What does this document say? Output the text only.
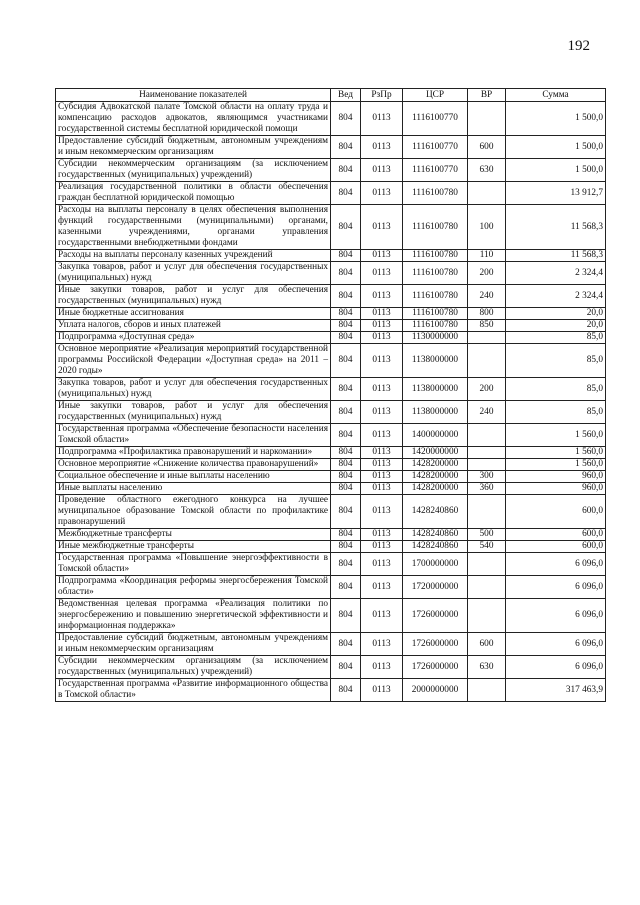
192
Наименование показателей	Вед	РзПр	ЦСР	ВР	Сумма
Субсидия Адвокатской палате Томской области на оплату труда и компенсацию расходов адвокатов, являющимся участниками государственной системы бесплатной юридической помощи	804	0113	1116100770		1 500,0
Предоставление субсидий бюджетным, автономным учреждениям и иным некоммерческим организациям	804	0113	1116100770	600	1 500,0
Субсидии некоммерческим организациям (за исключением государственных (муниципальных) учреждений)	804	0113	1116100770	630	1 500,0
Реализация государственной политики в области обеспечения граждан бесплатной юридической помощью	804	0113	1116100780		13 912,7
Расходы на выплаты персоналу в целях обеспечения выполнения функций государственными (муниципальными) органами, казенными учреждениями, органами управления государственными внебюджетными фондами	804	0113	1116100780	100	11 568,3
Расходы на выплаты персоналу казенных учреждений	804	0113	1116100780	110	11 568,3
Закупка товаров, работ и услуг для обеспечения государственных (муниципальных) нужд	804	0113	1116100780	200	2 324,4
Иные закупки товаров, работ и услуг для обеспечения государственных (муниципальных) нужд	804	0113	1116100780	240	2 324,4
Иные бюджетные ассигнования	804	0113	1116100780	800	20,0
Уплата налогов, сборов и иных платежей	804	0113	1116100780	850	20,0
Подпрограмма «Доступная среда»	804	0113	1130000000		85,0
Основное мероприятие «Реализация мероприятий государственной программы Российской Федерации «Доступная среда» на 2011 – 2020 годы»	804	0113	1138000000		85,0
Закупка товаров, работ и услуг для обеспечения государственных (муниципальных) нужд	804	0113	1138000000	200	85,0
Иные закупки товаров, работ и услуг для обеспечения государственных (муниципальных) нужд	804	0113	1138000000	240	85,0
Государственная программа «Обеспечение безопасности населения Томской области»	804	0113	1400000000		1 560,0
Подпрограмма «Профилактика правонарушений и наркомании»	804	0113	1420000000		1 560,0
Основное мероприятие «Снижение количества правонарушений»	804	0113	1428200000		1 560,0
Социальное обеспечение и иные выплаты населению	804	0113	1428200000	300	960,0
Иные выплаты населению	804	0113	1428200000	360	960,0
Проведение областного ежегодного конкурса на лучшее муниципальное образование Томской области по профилактике правонарушений	804	0113	1428240860		600,0
Межбюджетные трансферты	804	0113	1428240860	500	600,0
Иные межбюджетные трансферты	804	0113	1428240860	540	600,0
Государственная программа «Повышение энергоэффективности в Томской области»	804	0113	1700000000		6 096,0
Подпрограмма «Координация реформы энергосбережения Томской области»	804	0113	1720000000		6 096,0
Ведомственная целевая программа «Реализация политики по энергосбережению и повышению энергетической эффективности и информационная поддержка»	804	0113	1726000000		6 096,0
Предоставление субсидий бюджетным, автономным учреждениям и иным некоммерческим организациям	804	0113	1726000000	600	6 096,0
Субсидии некоммерческим организациям (за исключением государственных (муниципальных) учреждений)	804	0113	1726000000	630	6 096,0
Государственная программа «Развитие информационного общества в Томской области»	804	0113	2000000000		317 463,9
